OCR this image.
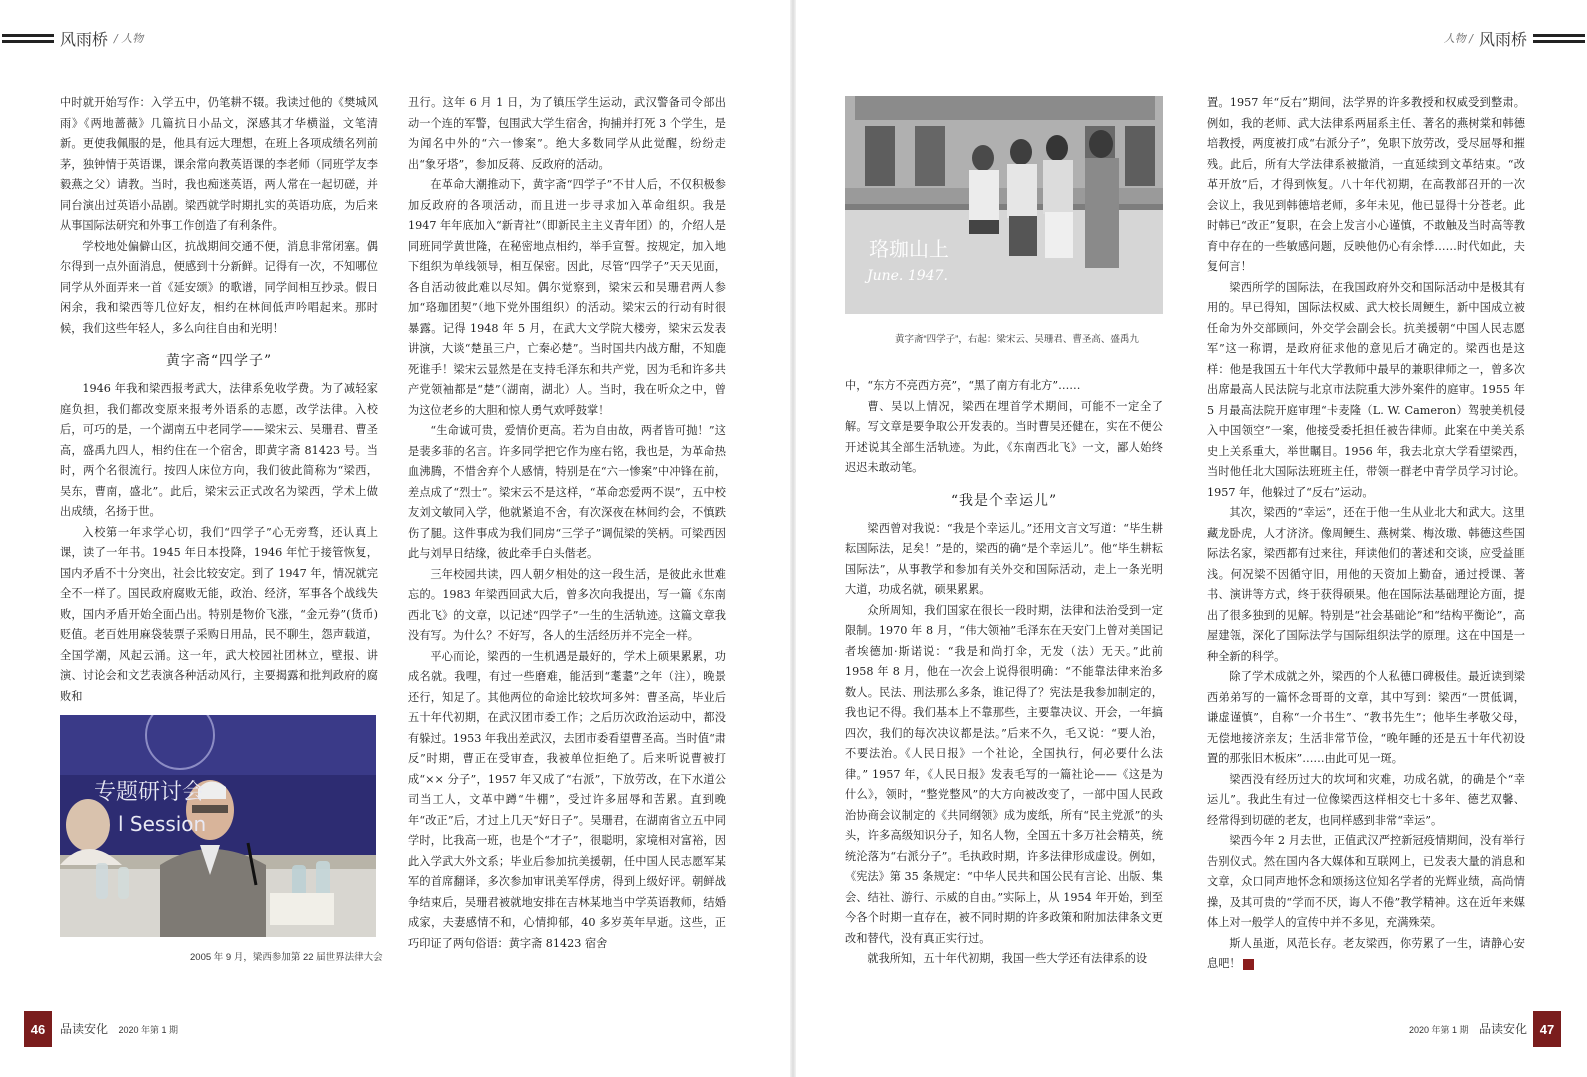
风雨桥 / 人物

中时就开始写作：入学五中，仍笔耕不辍。我读过他的《樊城风雨》《两地蔷薇》几篇抗日小品文，深感其才华横溢，文笔清新。更使我佩服的是，他具有远大理想，在班上各项成绩名列前茅，独钟情于英语课，课余常向教英语课的李老师（同班学友李毅燕之父）请教。当时，我也痴迷英语，两人常在一起切磋，并同台演出过英语小品剧。梁西就学时期扎实的英语功底，为后来从事国际法研究和外事工作创造了有利条件。

学校地处偏僻山区，抗战期间交通不便，消息非常闭塞。偶尔得到一点外面消息，便感到十分新鲜。记得有一次，不知哪位同学从外面弄来一首《延安颂》的歌谱，同学间相互抄录。假日闲余，我和梁西等几位好友，相约在林间低声吟唱起来。那时候，我们这些年轻人，多么向往自由和光明！

黄字斋“四学子”

1946 年我和梁西报考武大，法律系免收学费。为了减轻家庭负担，我们都改变原来报考外语系的志愿，改学法律。入校后，可巧的是，一个湖南五中老同学——梁宋云、吴珊君、曹圣高，盛禹九四人，相约住在一个宿舍，即黄字斋 81423 号。当时，两个名很流行。按四人床位方向，我们彼此简称为“梁西，吴东，曹南，盛北”。此后，梁宋云正式改名为梁西，学术上做出成绩，名扬于世。

入校第一年求学心切，我们“四学子”心无旁骛，还认真上课，读了一年书。1945 年日本投降，1946 年忙于接管恢复，国内矛盾不十分突出，社会比较安定。到了 1947 年，情况就完全不一样了。国民政府腐败无能，政治、经济，军事各个战线失败，国内矛盾开始全面凸出。特别是物价飞涨，“金元券”(货币)贬值。老百姓用麻袋装票子采购日用品，民不聊生，怨声载道，全国学潮，风起云涌。这一年，武大校园社团林立，壁报、讲演、讨论会和文艺表演各种活动风行，主要揭露和批判政府的腐败和

专题研讨会
l Session
2005 年 9 月，梁西参加第 22 届世界法律大会

丑行。这年 6 月 1 日，为了镇压学生运动，武汉警备司令部出动一个连的军警，包围武大学生宿舍，拘捕并打死 3 个学生，是为闻名中外的“六一惨案”。绝大多数同学从此觉醒，纷纷走出“象牙塔”，参加反蒋、反政府的活动。

在革命大潮推动下，黄字斋“四学子”不甘人后，不仅积极参加反政府的各项活动，而且进一步寻求加入革命组织。我是 1947 年年底加入“新青社”（即新民主主义青年团）的，介绍人是同班同学黄世隆，在秘密地点相约，举手宣誓。按规定，加入地下组织为单线领导，相互保密。因此，尽管“四学子”天天见面，各自活动彼此难以尽知。偶尔觉察到，梁宋云和吴珊君两人参加“珞珈团契”（地下党外围组织）的活动。梁宋云的行动有时很暴露。记得 1948 年 5 月，在武大文学院大楼旁，梁宋云发表讲演，大谈“楚虽三户，亡秦必楚”。当时国共内战方酣，不知鹿死谁手！梁宋云显然是在支持毛泽东和共产党，因为毛和许多共产党领袖都是“楚”（湖南，湖北）人。当时，我在听众之中，曾为这位老乡的大胆和惊人勇气欢呼鼓掌！

“生命诚可贵，爱情价更高。若为自由故，两者皆可抛！”这是裴多菲的名言。许多同学把它作为座右铭，我也是，为革命热血沸腾，不惜舍弃个人感情，特别是在“六一惨案”中冲锋在前，差点成了“烈士”。梁宋云不是这样，“革命恋爱两不误”，五中校友刘文敏同入学，他就紧追不舍，有次深夜在林间约会，不慎跌伤了腿。这件事成为我们同房“三学子”调侃梁的笑柄。可梁西因此与刘早日结缘，彼此牵手白头偕老。

三年校园共读，四人朝夕相处的这一段生活，是彼此永世难忘的。1983 年梁西回武大后，曾多次向我提出，写一篇《东南西北飞》的文章，以记述“四学子”一生的生活轨迹。这篇文章我没有写。为什么？不好写，各人的生活经历并不完全一样。

平心而论，梁西的一生机遇是最好的，学术上硕果累累，功成名就。我哩，有过一些磨难，能活到“耄耋”之年（注），晚景还行，知足了。其他两位的命途比较坎坷多舛：曹圣高，毕业后五十年代初期，在武汉团市委工作；之后历次政治运动中，都没有躲过。1953 年我出差武汉，去团市委看望曹圣高。当时值“肃反”时期，曹正在受审查，我被单位拒绝了。后来听说曹被打成“×× 分子”，1957 年又成了“右派”，下放劳改，在下水道公司当工人，文革中蹲“牛棚”，受过许多屈辱和苦累。直到晚年“改正”后，才过上几天“好日子”。吴珊君，在湖南省立五中同学时，比我高一班，也是个“才子”，很聪明，家境相对富裕，因此入学武大外文系；毕业后参加抗美援朝，任中国人民志愿军某军的首席翻译，多次参加审讯美军俘虏，得到上级好评。朝鲜战争结束后，吴珊君被就地安排在吉林某地当中学英语教师，结婚成家，夫妻感情不和，心情抑郁，40 多岁英年早逝。这些，正巧印证了两句俗语：黄字斋 81423 宿舍

46	品读安化 2020 年第 1 期
人物 / 风雨桥
珞珈山上
June. 1947.
黄字斋“四学子”，右起：梁宋云、吴珊君、曹圣高、盛禹九

中，“东方不亮西方亮”，“黑了南方有北方”……

曹、吴以上情况，梁西在埋首学术期间，可能不一定全了解。写文章是要争取公开发表的。当时曹吴还健在，实在不便公开述说其全部生活轨迹。为此，《东南西北飞》一文，鄙人始终迟迟未敢动笔。

“我是个幸运儿”

梁西曾对我说：“我是个幸运儿。”还用文言文写道：“毕生耕耘国际法，足矣！”是的，梁西的确“是个幸运儿”。他“毕生耕耘国际法”，从事教学和参加有关外交和国际活动，走上一条光明大道，功成名就，硕果累累。

众所周知，我们国家在很长一段时期，法律和法治受到一定限制。1970 年 8 月，“伟大领袖”毛泽东在天安门上曾对美国记者埃德加·斯诺说：“我是和尚打伞，无发（法）无天。”此前 1958 年 8 月，他在一次会上说得很明确：“不能靠法律来治多数人。民法、刑法那么多条，谁记得了？宪法是我参加制定的，我也记不得。我们基本上不靠那些，主要靠决议、开会，一年搞四次，我们的每次决议都是法。”后来不久，毛又说：“要人治，不要法治。《人民日报》一个社论，全国执行，何必要什么法律。” 1957 年，《人民日报》发表毛写的一篇社论——《这是为什么》，领时，“整党整风”的大方向被改变了，一部中国人民政治协商会议制定的《共同纲领》成为废纸，所有“民主党派”的头头，许多高级知识分子，知名人物，全国五十多万社会精英，统统沦落为“右派分子”。毛执政时期，许多法律形成虚设。例如，《宪法》第 35 条规定：“中华人民共和国公民有言论、出版、集会、结社、游行、示威的自由。”实际上，从 1954 年开始，到至今各个时期一直存在，被不同时期的许多政策和附加法律条文更改和替代，没有真正实行过。

就我所知，五十年代初期，我国一些大学还有法律系的设

置。1957 年“反右”期间，法学界的许多教授和权威受到整肃。例如，我的老师、武大法律系两届系主任、著名的燕树棠和韩德培教授，两度被打成“右派分子”，免职下放劳改，受尽屈辱和摧残。此后，所有大学法律系被撤消，一直延续到文革结束。“改革开放”后，才得到恢复。八十年代初期，在高教部召开的一次会议上，我见到韩德培老师，多年未见，他已显得十分苍老。此时韩已“改正”复职，在会上发言小心谨慎，不敢触及当时高等教育中存在的一些敏感问题，反映他仍心有余悸……时代如此，夫复何言！

梁西所学的国际法，在我国政府外交和国际活动中是极其有用的。早已得知，国际法权威、武大校长周鲠生，新中国成立被任命为外交部顾问，外交学会副会长。抗美援朝“中国人民志愿军”这一称谓，是政府征求他的意见后才确定的。梁西也是这样：他是我国五十年代大学教师中最早的兼职律师之一，曾多次出席最高人民法院与北京市法院重大涉外案件的庭审。1955 年 5 月最高法院开庭审理“卡麦隆（L. W. Cameron）驾驶美机侵入中国领空”一案，他接受委托担任被告律师。此案在中美关系史上关系重大，举世瞩目。1956 年，我去北京大学看望梁西，当时他任北大国际法班班主任，带领一群老中青学员学习讨论。1957 年，他躲过了“反右”运动。

其次，梁西的“幸运”，还在于他一生从业北大和武大。这里藏龙卧虎，人才济济。像周鲠生、燕树棠、梅汝璈、韩德这些国际法名家，梁西都有过来往，拜读他们的著述和交谈，应受益匪浅。何况梁不因循守旧，用他的天资加上勤奋，通过授课、著书、演讲等方式，终于获得硕果。他在国际法基础理论方面，提出了很多独到的见解。特别是“社会基础论”和“结构平衡论”，高屋建瓴，深化了国际法学与国际组织法学的原理。这在中国是一种全新的科学。

除了学术成就之外，梁西的个人私德口碑极佳。最近读到梁西弟弟写的一篇怀念哥哥的文章，其中写到：梁西“一贯低调，谦虚谨慎”，自称“一介书生”、“教书先生”；他毕生孝敬父母，无偿地接济亲友；生活非常节俭，“晚年睡的还是五十年代初设置的那张旧木板床”……由此可见一斑。

梁西没有经历过大的坎坷和灾难，功成名就，的确是个“幸运儿”。我此生有过一位像梁西这样相交七十多年、德艺双馨、经常得到切磋的老友，也同样感到非常“幸运”。

梁西今年 2 月去世，正值武汉严控新冠疫情期间，没有举行告别仪式。然在国内各大媒体和互联网上，已发表大量的消息和文章，众口同声地怀念和颂扬这位知名学者的光辉业绩，高尚情操，及其可贵的“学而不厌，诲人不倦”教学精神。这在近年来媒体上对一般学人的宣传中并不多见，充满殊荣。

斯人虽逝，风范长存。老友梁西，你劳累了一生，请静心安息吧！	A

2020 年第 1 期 品读安化 47
